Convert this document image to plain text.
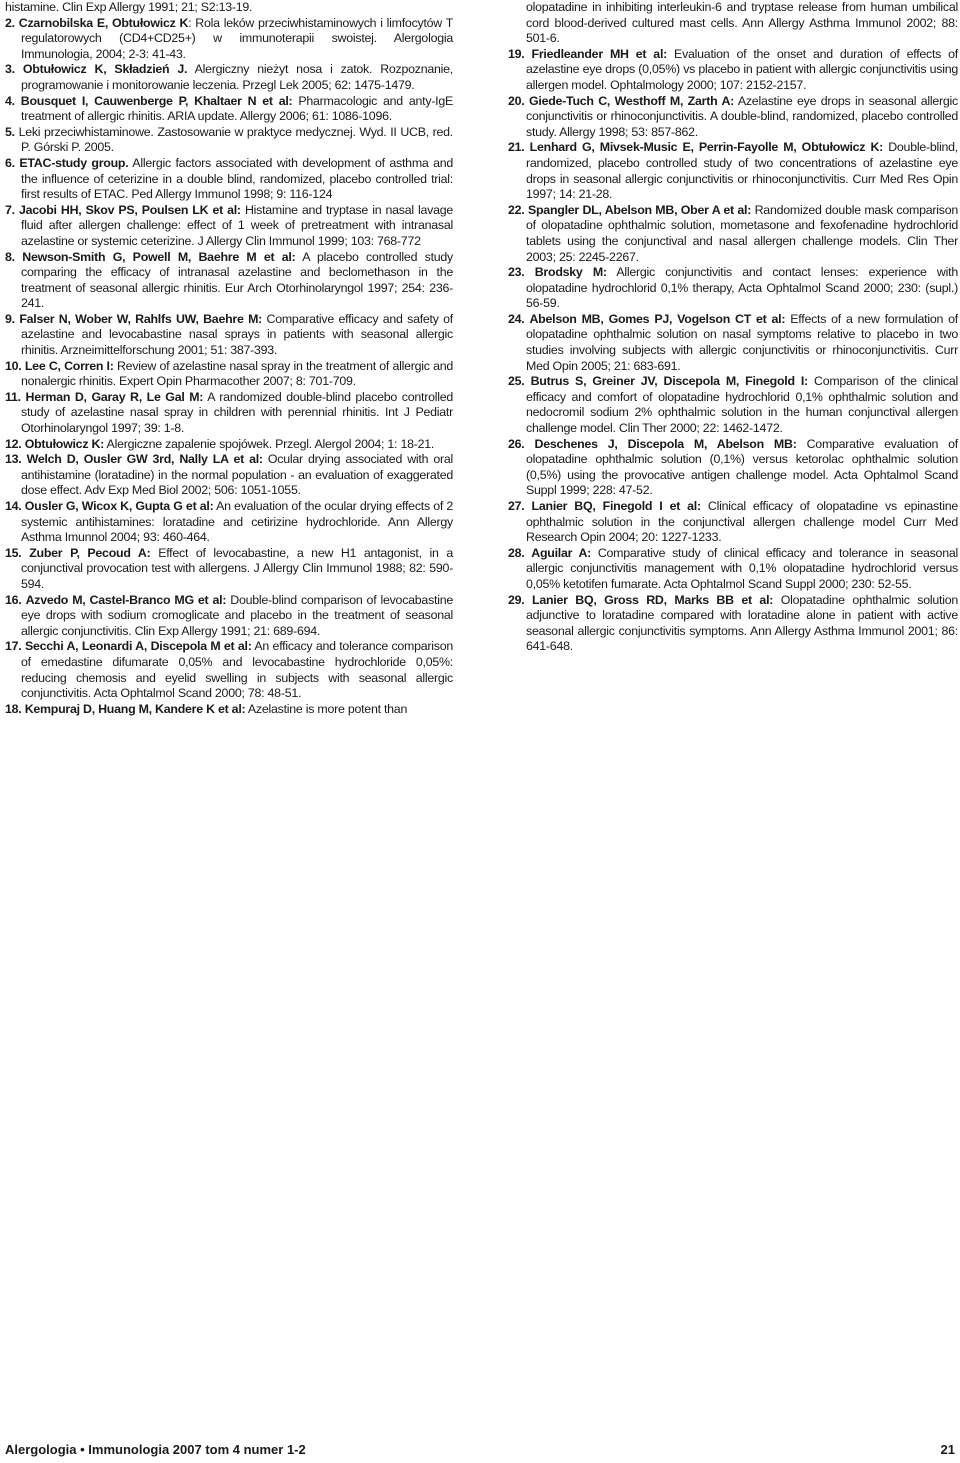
histamine. Clin Exp Allergy 1991; 21; S2:13-19.

2. Czarnobilska E, Obtułowicz K: Rola leków przeciwhistaminowych i limfocytów T regulatorowych (CD4+CD25+) w immunoterapii swoistej. Alergologia Immunologia, 2004; 2-3: 41-43.

3. Obtułowicz K, Składzień J. Alergiczny nieżyt nosa i zatok. Rozpoznanie, programowanie i monitorowanie leczenia. Przegl Lek 2005; 62: 1475-1479.

4. Bousquet I, Cauwenberge P, Khaltaer N et al: Pharmacologic and anty-IgE treatment of allergic rhinitis. ARIA update. Allergy 2006; 61: 1086-1096.

5. Leki przeciwhistaminowe. Zastosowanie w praktyce medycznej. Wyd. II UCB, red. P. Górski P. 2005.

6. ETAC-study group. Allergic factors associated with development of asthma and the influence of ceterizine in a double blind, randomized, placebo controlled trial: first results of ETAC. Ped Allergy Immunol 1998; 9: 116-124

7. Jacobi HH, Skov PS, Poulsen LK et al: Histamine and tryptase in nasal lavage fluid after allergen challenge: effect of 1 week of pretreatment with intranasal azelastine or systemic ceterizine. J Allergy Clin Immunol 1999; 103: 768-772

8. Newson-Smith G, Powell M, Baehre M et al: A placebo controlled study comparing the efficacy of intranasal azelastine and beclomethason in the treatment of seasonal allergic rhinitis. Eur Arch Otorhinolaryngol 1997; 254: 236-241.

9. Falser N, Wober W, Rahlfs UW, Baehre M: Comparative efficacy and safety of azelastine and levocabastine nasal sprays in patients with seasonal allergic rhinitis. Arzneimittelforschung 2001; 51: 387-393.

10. Lee C, Corren I: Review of azelastine nasal spray in the treatment of allergic and nonalergic rhinitis. Expert Opin Pharmacother 2007; 8: 701-709.

11. Herman D, Garay R, Le Gal M: A randomized double-blind placebo controlled study of azelastine nasal spray in children with perennial rhinitis. Int J Pediatr Otorhinolaryngol 1997; 39: 1-8.

12. Obtułowicz K: Alergiczne zapalenie spojówek. Przegl. Alergol 2004; 1: 18-21.

13. Welch D, Ousler GW 3rd, Nally LA et al: Ocular drying associated with oral antihistamine (loratadine) in the normal population - an evaluation of exaggerated dose effect. Adv Exp Med Biol 2002; 506: 1051-1055.

14. Ousler G, Wicox K, Gupta G et al: An evaluation of the ocular drying effects of 2 systemic antihistamines: loratadine and cetirizine hydrochloride. Ann Allergy Asthma Imunnol 2004; 93: 460-464.

15. Zuber P, Pecoud A: Effect of levocabastine, a new H1 antagonist, in a conjunctival provocation test with allergens. J Allergy Clin Immunol 1988; 82: 590-594.

16. Azvedo M, Castel-Branco MG et al: Double-blind comparison of levocabastine eye drops with sodium cromoglicate and placebo in the treatment of seasonal allergic conjunctivitis. Clin Exp Allergy 1991; 21: 689-694.

17. Secchi A, Leonardi A, Discepola M et al: An efficacy and tolerance comparison of emedastine difumarate 0,05% and levocabastine hydrochloride 0,05%: reducing chemosis and eyelid swelling in subjects with seasonal allergic conjunctivitis. Acta Ophtalmol Scand 2000; 78: 48-51.

18. Kempuraj D, Huang M, Kandere K et al: Azelastine is more potent than

olopatadine in inhibiting interleukin-6 and tryptase release from human umbilical cord blood-derived cultured mast cells. Ann Allergy Asthma Immunol 2002; 88: 501-6.

19. Friedleander MH et al: Evaluation of the onset and duration of effects of azelastine eye drops (0,05%) vs placebo in patient with allergic conjunctivitis using allergen model. Ophtalmology 2000; 107: 2152-2157.

20. Giede-Tuch C, Westhoff M, Zarth A: Azelastine eye drops in seasonal allergic conjunctivitis or rhinoconjunctivitis. A double-blind, randomized, placebo controlled study. Allergy 1998; 53: 857-862.

21. Lenhard G, Mivsek-Music E, Perrin-Fayolle M, Obtułowicz K: Double-blind, randomized, placebo controlled study of two concentrations of azelastine eye drops in seasonal allergic conjunctivitis or rhinoconjunctivitis. Curr Med Res Opin 1997; 14: 21-28.

22. Spangler DL, Abelson MB, Ober A et al: Randomized double mask comparison of olopatadine ophthalmic solution, mometasone and fexofenadine hydrochlorid tablets using the conjunctival and nasal allergen challenge models. Clin Ther 2003; 25: 2245-2267.

23. Brodsky M: Allergic conjunctivitis and contact lenses: experience with olopatadine hydrochlorid 0,1% therapy, Acta Ophtalmol Scand 2000; 230: (supl.) 56-59.

24. Abelson MB, Gomes PJ, Vogelson CT et al: Effects of a new formulation of olopatadine ophthalmic solution on nasal symptoms relative to placebo in two studies involving subjects with allergic conjunctivitis or rhinoconjunctivitis. Curr Med Opin 2005; 21: 683-691.

25. Butrus S, Greiner JV, Discepola M, Finegold I: Comparison of the clinical efficacy and comfort of olopatadine hydrochlorid 0,1% ophthalmic solution and nedocromil sodium 2% ophthalmic solution in the human conjunctival allergen challenge model. Clin Ther 2000; 22: 1462-1472.

26. Deschenes J, Discepola M, Abelson MB: Comparative evaluation of olopatadine ophthalmic solution (0,1%) versus ketorolac ophthalmic solution (0,5%) using the provocative antigen challenge model. Acta Ophtalmol Scand Suppl 1999; 228: 47-52.

27. Lanier BQ, Finegold I et al: Clinical efficacy of olopatadine vs epinastine ophthalmic solution in the conjunctival allergen challenge model Curr Med Research Opin 2004; 20: 1227-1233.

28. Aguilar A: Comparative study of clinical efficacy and tolerance in seasonal allergic conjunctivitis management with 0,1% olopatadine hydrochlorid versus 0,05% ketotifen fumarate. Acta Ophtalmol Scand Suppl 2000; 230: 52-55.

29. Lanier BQ, Gross RD, Marks BB et al: Olopatadine ophthalmic solution adjunctive to loratadine compared with loratadine alone in patient with active seasonal allergic conjunctivitis symptoms. Ann Allergy Asthma Immunol 2001; 86: 641-648.

Alergologia • Immunologia 2007 tom 4 numer 1-2	21
